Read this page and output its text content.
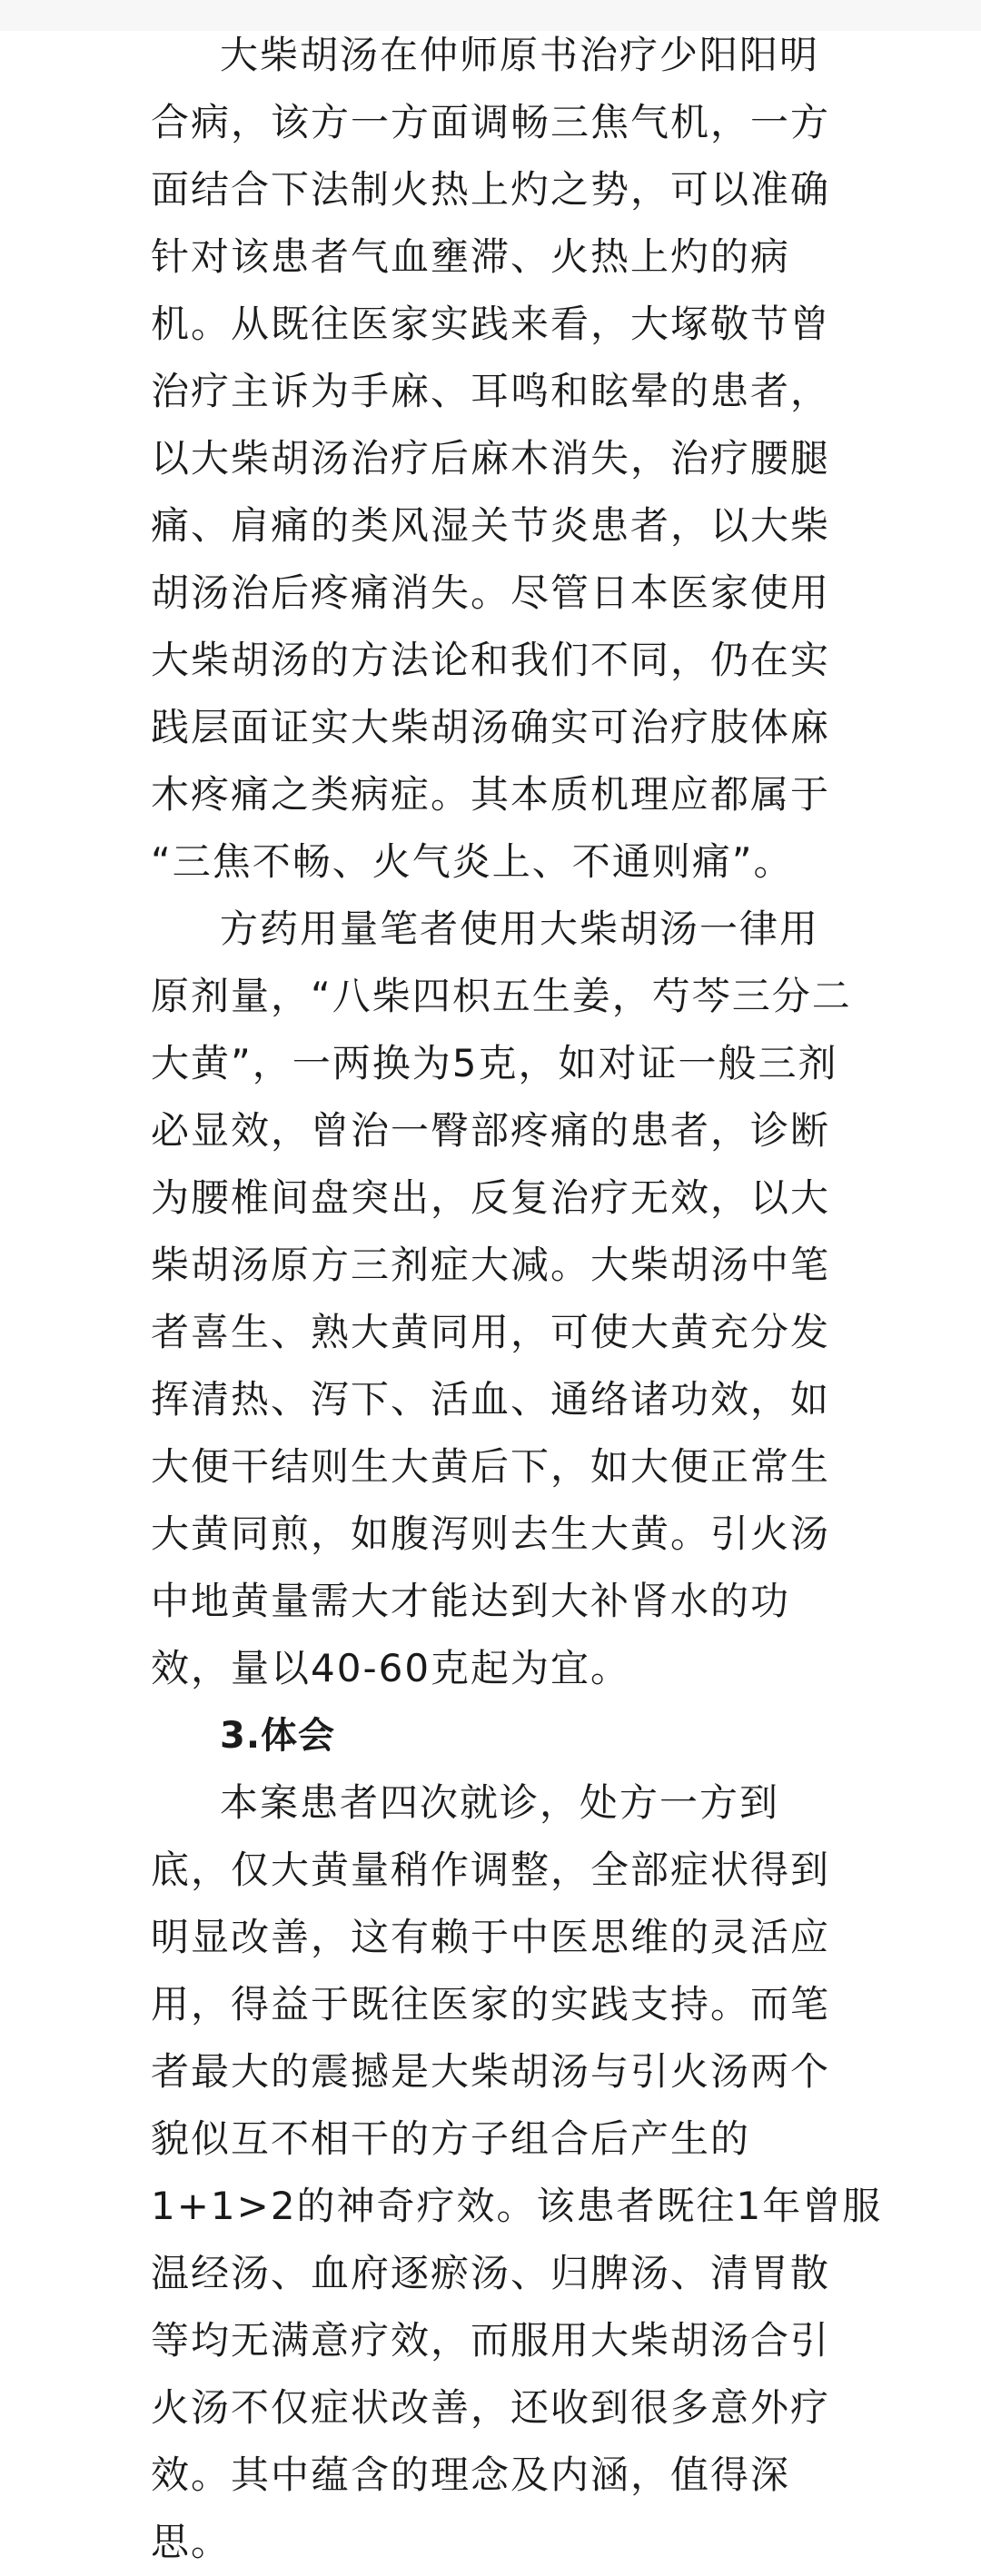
大柴胡汤在仲师原书治疗少阳阳明
合病，该方一方面调畅三焦气机，一方
面结合下法制火热上灼之势，可以准确
针对该患者气血壅滞、火热上灼的病
机。从既往医家实践来看，大塚敬节曾
治疗主诉为手麻、耳鸣和眩晕的患者，
以大柴胡汤治疗后麻木消失，治疗腰腿
痛、肩痛的类风湿关节炎患者，以大柴
胡汤治后疼痛消失。尽管日本医家使用
大柴胡汤的方法论和我们不同，仍在实
践层面证实大柴胡汤确实可治疗肢体麻
木疼痛之类病症。其本质机理应都属于
“三焦不畅、火气炎上、不通则痛”。
方药用量笔者使用大柴胡汤一律用
原剂量，“八柴四枳五生姜，芍芩三分二
大黄”，一两换为5克，如对证一般三剂
必显效，曾治一臀部疼痛的患者，诊断
为腰椎间盘突出，反复治疗无效，以大
柴胡汤原方三剂症大减。大柴胡汤中笔
者喜生、熟大黄同用，可使大黄充分发
挥清热、泻下、活血、通络诸功效，如
大便干结则生大黄后下，如大便正常生
大黄同煎，如腹泻则去生大黄。引火汤
中地黄量需大才能达到大补肾水的功
效，量以40-60克起为宜。
3.体会
本案患者四次就诊，处方一方到
底，仅大黄量稍作调整，全部症状得到
明显改善，这有赖于中医思维的灵活应
用，得益于既往医家的实践支持。而笔
者最大的震撼是大柴胡汤与引火汤两个
貌似互不相干的方子组合后产生的
1+1>2的神奇疗效。该患者既往1年曾服
温经汤、血府逐瘀汤、归脾汤、清胃散
等均无满意疗效，而服用大柴胡汤合引
火汤不仅症状改善，还收到很多意外疗
效。其中蕴含的理念及内涵，值得深
思。
